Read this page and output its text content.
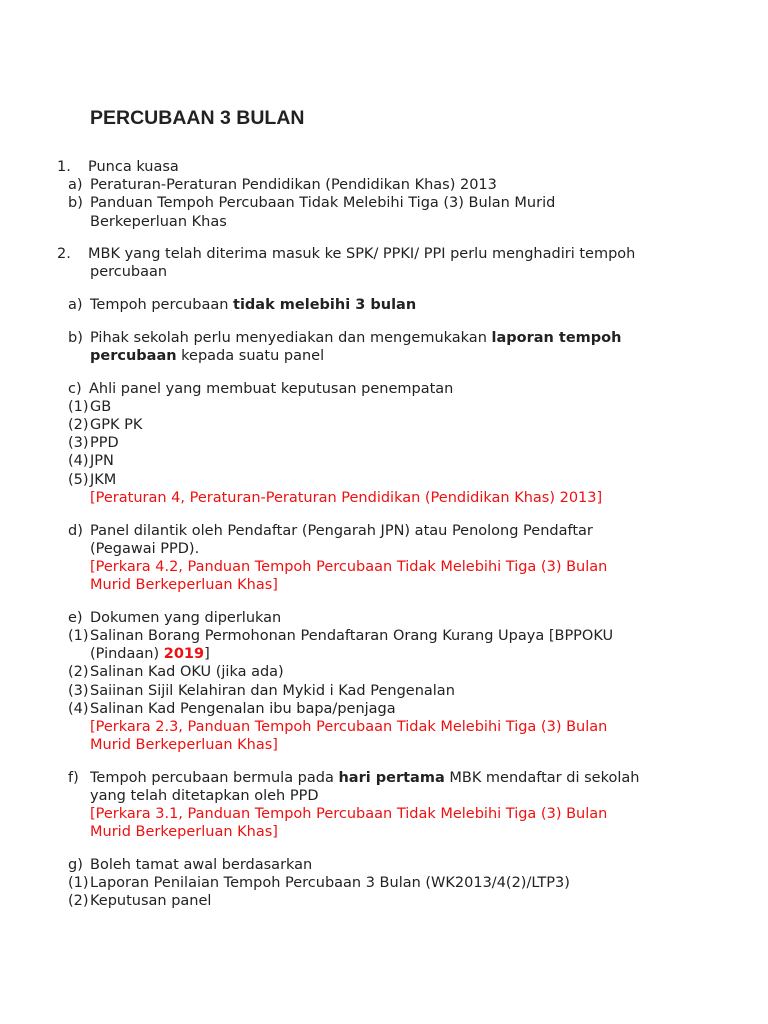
PERCUBAAN 3 BULAN
1. Punca kuasa
a) Peraturan-Peraturan Pendidikan (Pendidikan Khas) 2013
b) Panduan Tempoh Percubaan Tidak Melebihi Tiga (3) Bulan Murid
Berkeperluan Khas
2. MBK yang telah diterima masuk ke SPK/ PPKI/ PPI perlu menghadiri tempoh
percubaan
a) Tempoh percubaan tidak melebihi 3 bulan
b) Pihak sekolah perlu menyediakan dan mengemukakan laporan tempoh
percubaan kepada suatu panel
c) Ahli panel yang membuat keputusan penempatan
(1) GB
(2) GPK PK
(3) PPD
(4) JPN
(5) JKM
[Peraturan 4, Peraturan-Peraturan Pendidikan (Pendidikan Khas) 2013]
d) Panel dilantik oleh Pendaftar (Pengarah JPN) atau Penolong Pendaftar
(Pegawai PPD).
[Perkara 4.2, Panduan Tempoh Percubaan Tidak Melebihi Tiga (3) Bulan
Murid Berkeperluan Khas]
e) Dokumen yang diperlukan
(1) Salinan Borang Permohonan Pendaftaran Orang Kurang Upaya [BPPOKU
(Pindaan) 2019]
(2) Salinan Kad OKU (jika ada)
(3) Saiinan Sijil Kelahiran dan Mykid i Kad Pengenalan
(4) Salinan Kad Pengenalan ibu bapa/penjaga
[Perkara 2.3, Panduan Tempoh Percubaan Tidak Melebihi Tiga (3) Bulan
Murid Berkeperluan Khas]
f) Tempoh percubaan bermula pada hari pertama MBK mendaftar di sekolah
yang telah ditetapkan oleh PPD
[Perkara 3.1, Panduan Tempoh Percubaan Tidak Melebihi Tiga (3) Bulan
Murid Berkeperluan Khas]
g) Boleh tamat awal berdasarkan
(1) Laporan Penilaian Tempoh Percubaan 3 Bulan (WK2013/4(2)/LTP3)
(2) Keputusan panel
